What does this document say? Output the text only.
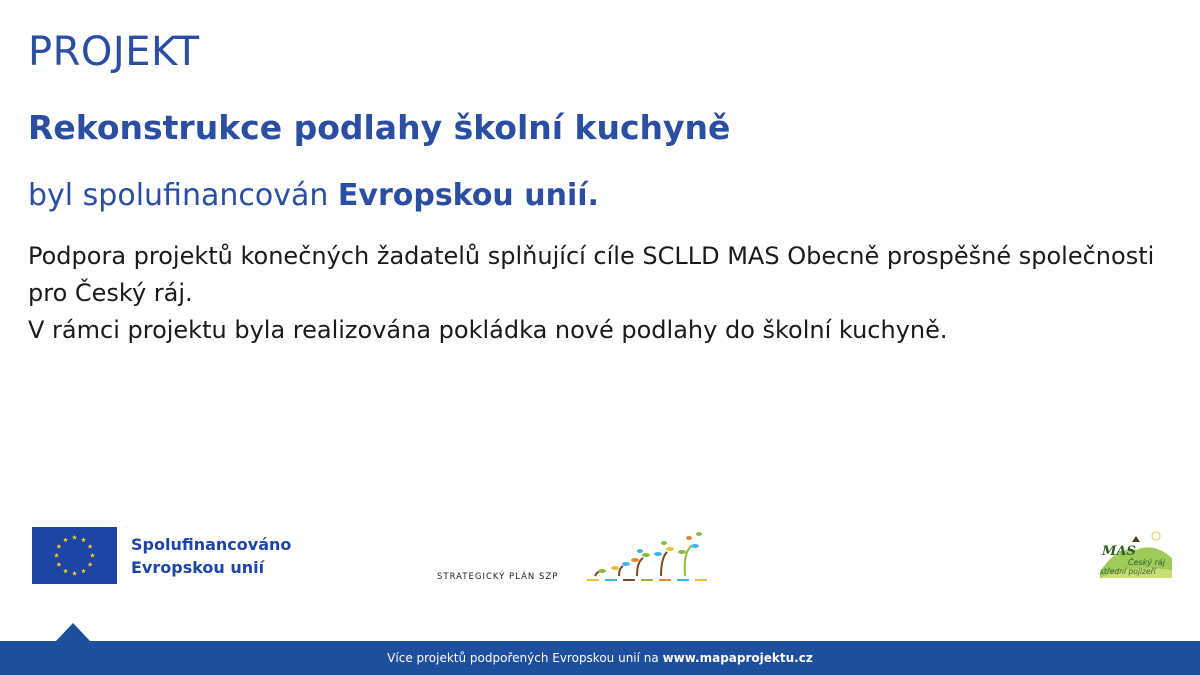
PROJEKT
Rekonstrukce podlahy školní kuchyně
byl spolufinancován Evropskou unií.

Podpora projektů konečných žadatelů splňující cíle SCLLD MAS Obecně prospěšné společnosti pro Český ráj.

V rámci projektu byla realizována pokládka nové podlahy do školní kuchyně.

Spolufinancováno
Evropskou unií
STRATEGICKÝ PLÁN SZP
MAS
Český ráj
střední pojizeří
Více projektů podpořených Evropskou unií na www.mapaprojektu.cz
